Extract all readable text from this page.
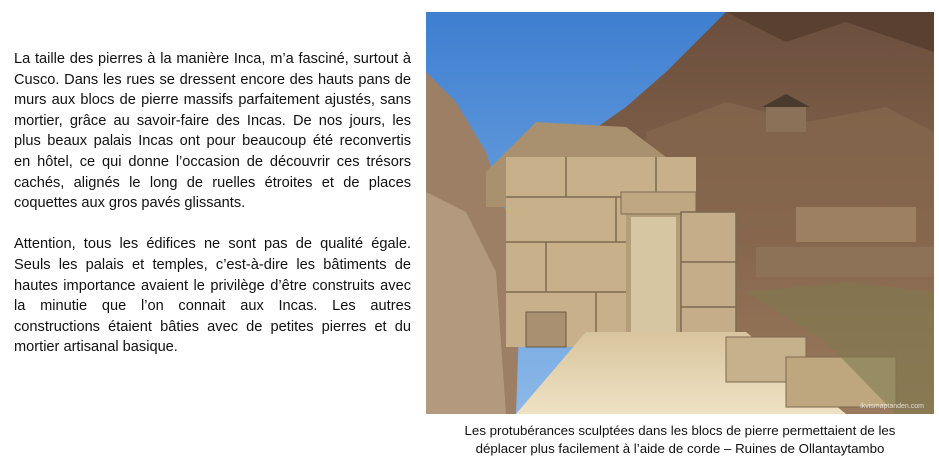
La taille des pierres à la manière Inca, m’a fasciné, surtout à Cusco. Dans les rues se dressent encore des hauts pans de murs aux blocs de pierre massifs parfaitement ajustés, sans mortier, grâce au savoir-faire des Incas. De nos jours, les plus beaux palais Incas ont pour beaucoup été reconvertis en hôtel, ce qui donne l’occasion de découvrir ces trésors cachés, alignés le long de ruelles étroites et de places coquettes aux gros pavés glissants.

Attention, tous les édifices ne sont pas de qualité égale. Seuls les palais et temples, c’est-à-dire les bâtiments de hautes importance avaient le privilège d’être construits avec la minutie que l’on connait aux Incas. Les autres constructions étaient bâties avec de petites pierres et du mortier artisanal basique.

ikvismaptanden.com
Les protubérances sculptées dans les blocs de pierre permettaient de les
déplacer plus facilement à l’aide de corde – Ruines de Ollantaytambo
